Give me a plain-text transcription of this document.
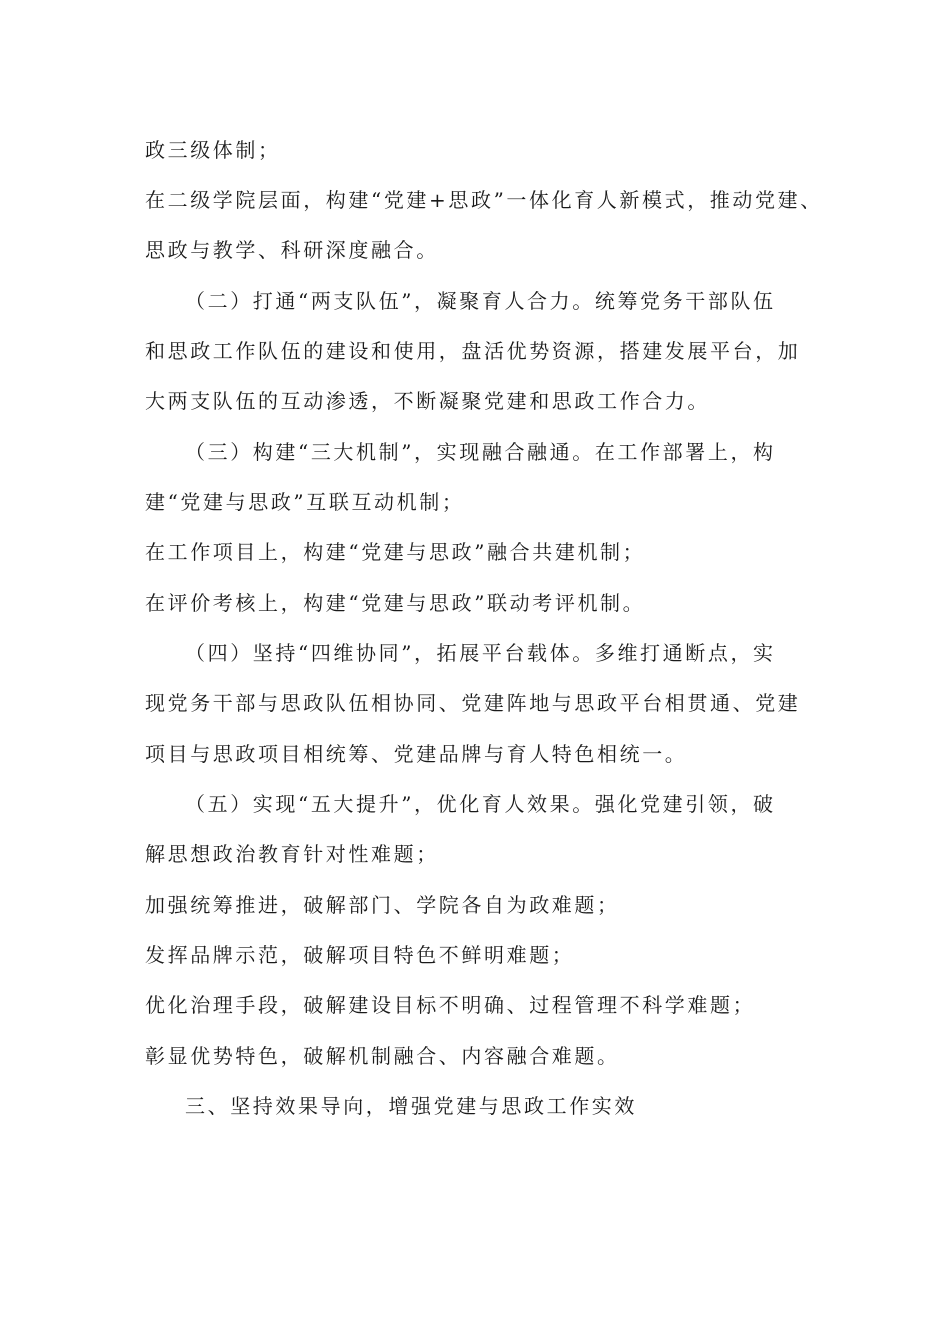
政三级体制；
在二级学院层面，构建“党建+思政”一体化育人新模式，推动党建、
思政与教学、科研深度融合。
（二）打通“两支队伍”，凝聚育人合力。统筹党务干部队伍
和思政工作队伍的建设和使用，盘活优势资源，搭建发展平台，加
大两支队伍的互动渗透，不断凝聚党建和思政工作合力。
（三）构建“三大机制”，实现融合融通。在工作部署上，构
建“党建与思政”互联互动机制；
在工作项目上，构建“党建与思政”融合共建机制；
在评价考核上，构建“党建与思政”联动考评机制。
（四）坚持“四维协同”，拓展平台载体。多维打通断点，实
现党务干部与思政队伍相协同、党建阵地与思政平台相贯通、党建
项目与思政项目相统筹、党建品牌与育人特色相统一。
（五）实现“五大提升”，优化育人效果。强化党建引领，破
解思想政治教育针对性难题；
加强统筹推进，破解部门、学院各自为政难题；
发挥品牌示范，破解项目特色不鲜明难题；
优化治理手段，破解建设目标不明确、过程管理不科学难题；
彰显优势特色，破解机制融合、内容融合难题。
三、坚持效果导向，增强党建与思政工作实效
